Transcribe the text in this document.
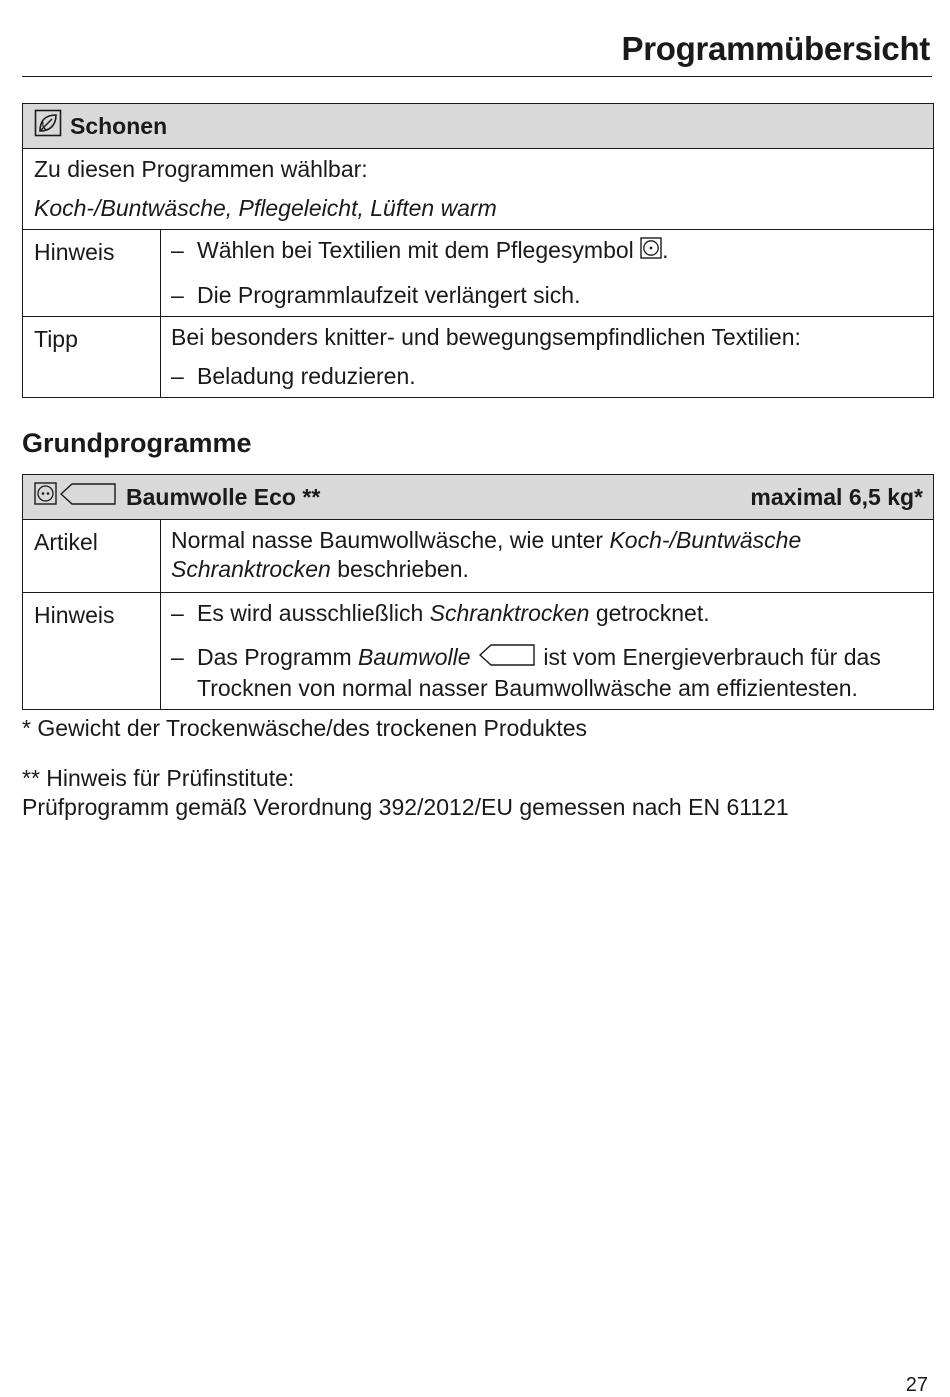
Programmübersicht
Schonen	

Zu diesen Programmen wählbar:
Koch-/Buntwäsche, Pflegeleicht, Lüften warm	

Hinweis	– Wählen bei Textilien mit dem Pflegesymbol .
– Die Programmlaufzeit verlängert sich.

Tipp	Bei besonders knitter- und bewegungsempfindlichen Textilien:
– Beladung reduzieren.
Grundprogramme
Baumwolle Eco ** maximal 6,5 kg*	

Artikel	Normal nasse Baumwollwäsche, wie unter Koch-/Buntwäsche Schranktrocken beschrieben.
Hinweis	– Es wird ausschließlich Schranktrocken getrocknet.
– Das Programm Baumwolle ist vom Energieverbrauch für das Trocknen von normal nasser Baumwollwäsche am effizientesten.
* Gewicht der Trockenwäsche/des trockenen Produktes
** Hinweis für Prüfinstitute:
Prüfprogramm gemäß Verordnung 392/2012/EU gemessen nach EN 61121
27
